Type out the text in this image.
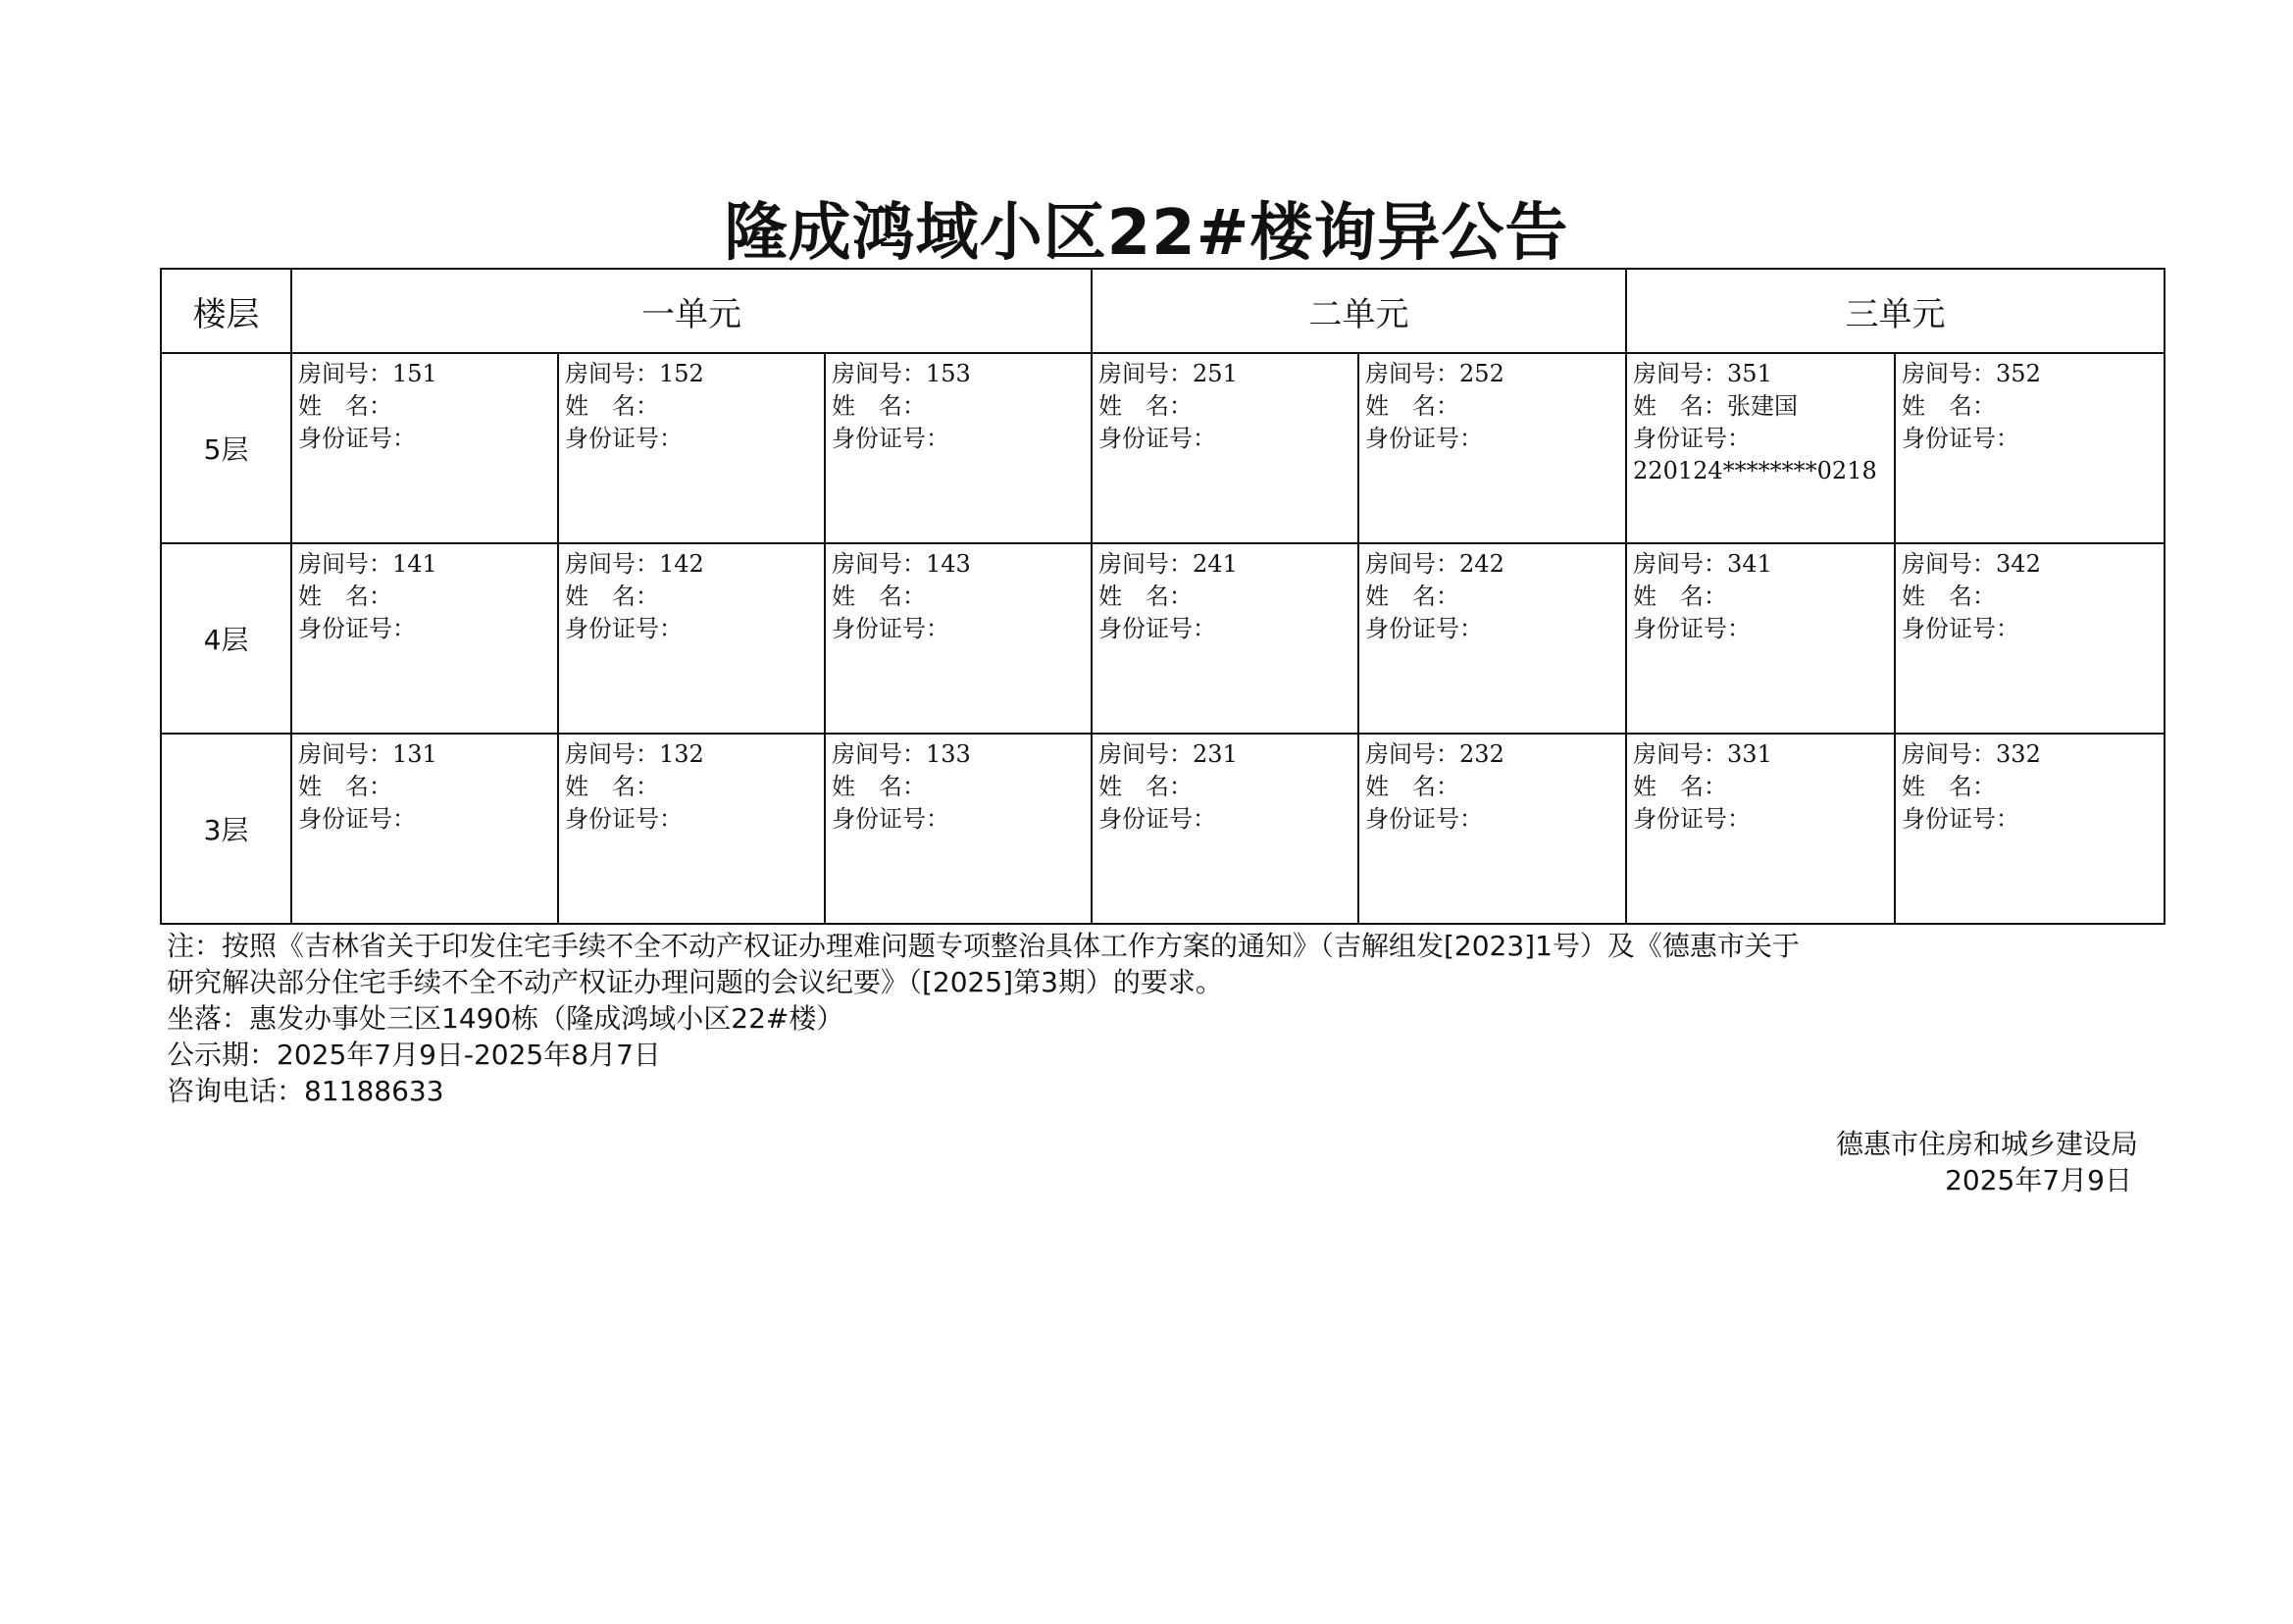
隆成鸿域小区22#楼询异公告
楼层	一单元			二单元		三单元	
5层	房间号：151
姓　名：
身份证号：	房间号：152
姓　名：
身份证号：	房间号：153
姓　名：
身份证号：	房间号：251
姓　名：
身份证号：	房间号：252
姓　名：
身份证号：	房间号：351
姓　名：张建国
身份证号：
220124********0218	房间号：352
姓　名：
身份证号：

4层	房间号：141
姓　名：
身份证号：	房间号：142
姓　名：
身份证号：	房间号：143
姓　名：
身份证号：	房间号：241
姓　名：
身份证号：	房间号：242
姓　名：
身份证号：	房间号：341
姓　名：
身份证号：	房间号：342
姓　名：
身份证号：

3层	房间号：131
姓　名：
身份证号：	房间号：132
姓　名：
身份证号：	房间号：133
姓　名：
身份证号：	房间号：231
姓　名：
身份证号：	房间号：232
姓　名：
身份证号：	房间号：331
姓　名：
身份证号：	房间号：332
姓　名：
身份证号：

注：按照《吉林省关于印发住宅手续不全不动产权证办理难问题专项整治具体工作方案的通知》（吉解组发[2023]1号）及《德惠市关于

研究解决部分住宅手续不全不动产权证办理问题的会议纪要》（[2025]第3期）的要求。

坐落：惠发办事处三区1490栋（隆成鸿域小区22#楼）

公示期：2025年7月9日-2025年8月7日

咨询电话：81188633

德惠市住房和城乡建设局
2025年7月9日
